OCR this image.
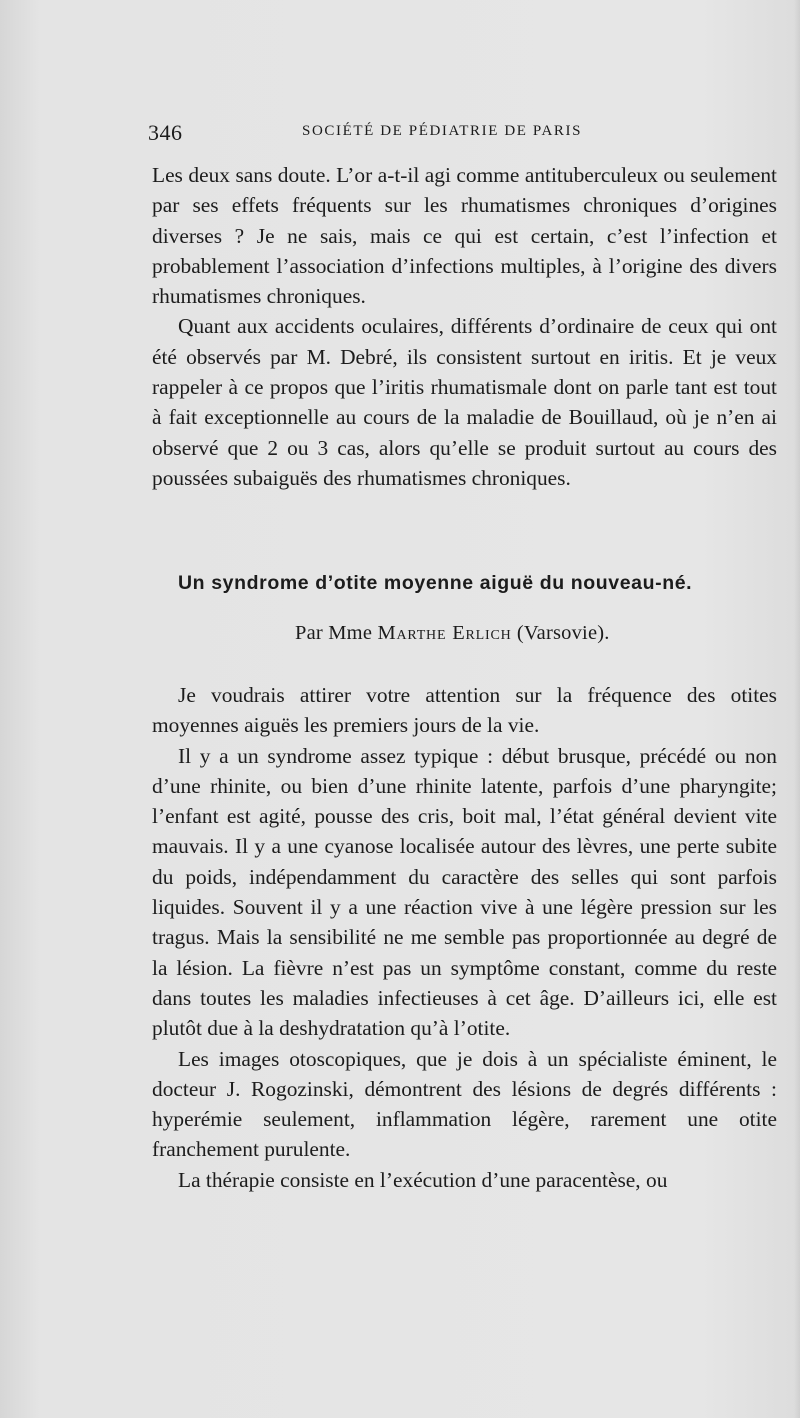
346	SOCIÉTÉ DE PÉDIATRIE DE PARIS

Les deux sans doute. L’or a-t-il agi comme antituberculeux ou seulement par ses effets fréquents sur les rhumatismes chroniques d’origines diverses ? Je ne sais, mais ce qui est certain, c’est l’infection et probablement l’association d’infections multiples, à l’origine des divers rhumatismes chroniques.

Quant aux accidents oculaires, différents d’ordinaire de ceux qui ont été observés par M. Debré, ils consistent surtout en iritis. Et je veux rappeler à ce propos que l’iritis rhumatismale dont on parle tant est tout à fait exceptionnelle au cours de la maladie de Bouillaud, où je n’en ai observé que 2 ou 3 cas, alors qu’elle se produit surtout au cours des poussées subaiguës des rhumatismes chroniques.

Un syndrome d’otite moyenne aiguë du nouveau-né.
Par Mme Marthe Erlich (Varsovie).

Je voudrais attirer votre attention sur la fréquence des otites moyennes aiguës les premiers jours de la vie.

Il y a un syndrome assez typique : début brusque, précédé ou non d’une rhinite, ou bien d’une rhinite latente, parfois d’une pharyngite; l’enfant est agité, pousse des cris, boit mal, l’état général devient vite mauvais. Il y a une cyanose localisée autour des lèvres, une perte subite du poids, indépendamment du caractère des selles qui sont parfois liquides. Souvent il y a une réaction vive à une légère pression sur les tragus. Mais la sensibilité ne me semble pas proportionnée au degré de la lésion. La fièvre n’est pas un symptôme constant, comme du reste dans toutes les maladies infectieuses à cet âge. D’ailleurs ici, elle est plutôt due à la deshydratation qu’à l’otite.

Les images otoscopiques, que je dois à un spécialiste éminent, le docteur J. Rogozinski, démontrent des lésions de degrés différents : hyperémie seulement, inflammation légère, rarement une otite franchement purulente.

La thérapie consiste en l’exécution d’une paracentèse, ou
